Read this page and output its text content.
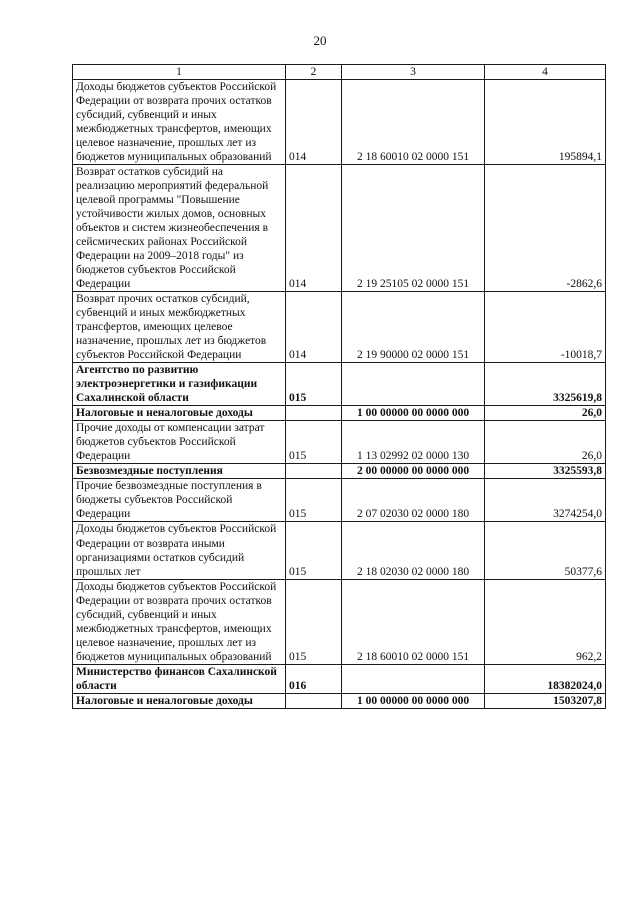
20
1	2	3	4
Доходы бюджетов субъектов Российской Федерации от возврата прочих остатков субсидий, субвенций и иных межбюджетных трансфертов, имеющих целевое назначение, прошлых лет из бюджетов муниципальных образований	014	2 18 60010 02 0000 151	195894,1
Возврат остатков субсидий на реализацию мероприятий федеральной целевой программы "Повышение устойчивости жилых домов, основных объектов и систем жизнеобеспечения в сейсмических районах Российской Федерации на 2009–2018 годы" из бюджетов субъектов Российской Федерации	014	2 19 25105 02 0000 151	-2862,6
Возврат прочих остатков субсидий, субвенций и иных межбюджетных трансфертов, имеющих целевое назначение, прошлых лет из бюджетов субъектов Российской Федерации	014	2 19 90000 02 0000 151	-10018,7
Агентство по развитию электроэнергетики и газификации Сахалинской области	015		3325619,8
Налоговые и неналоговые доходы		1 00 00000 00 0000 000	26,0
Прочие доходы от компенсации затрат бюджетов субъектов Российской Федерации	015	1 13 02992 02 0000 130	26,0
Безвозмездные поступления		2 00 00000 00 0000 000	3325593,8
Прочие безвозмездные поступления в бюджеты субъектов Российской Федерации	015	2 07 02030 02 0000 180	3274254,0
Доходы бюджетов субъектов Российской Федерации от возврата иными организациями остатков субсидий прошлых лет	015	2 18 02030 02 0000 180	50377,6
Доходы бюджетов субъектов Российской Федерации от возврата прочих остатков субсидий, субвенций и иных межбюджетных трансфертов, имеющих целевое назначение, прошлых лет из бюджетов муниципальных образований	015	2 18 60010 02 0000 151	962,2
Министерство финансов Сахалинской области	016		18382024,0
Налоговые и неналоговые доходы		1 00 00000 00 0000 000	1503207,8
